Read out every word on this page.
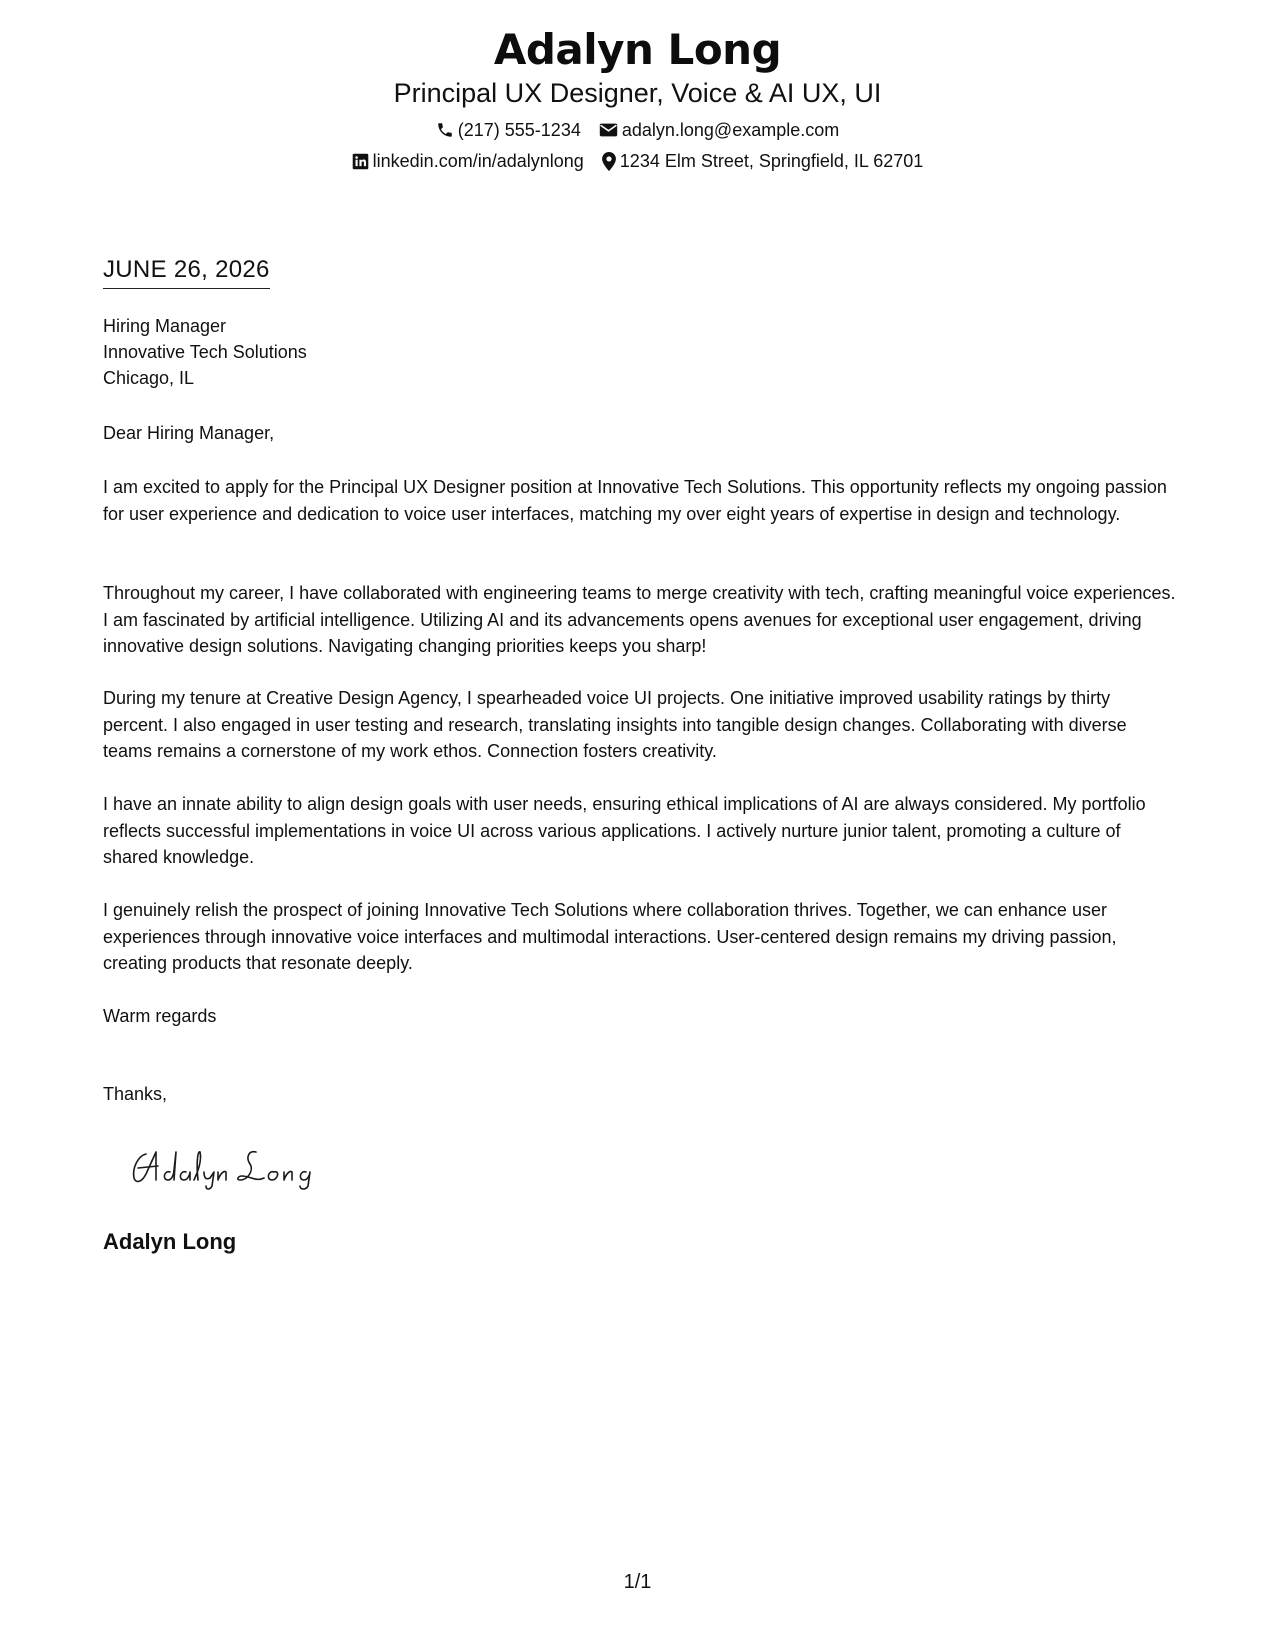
Adalyn Long
Principal UX Designer, Voice & AI UX, UI
(217) 555-1234 adalyn.long@example.com
linkedin.com/in/adalynlong 1234 Elm Street, Springfield, IL 62701
JUNE 26, 2026
Hiring Manager
Innovative Tech Solutions
Chicago, IL
Dear Hiring Manager,
I am excited to apply for the Principal UX Designer position at Innovative Tech Solutions. This opportunity reflects my ongoing passion for user experience and dedication to voice user interfaces, matching my over eight years of expertise in design and technology.
Throughout my career, I have collaborated with engineering teams to merge creativity with tech, crafting meaningful voice experiences. I am fascinated by artificial intelligence. Utilizing AI and its advancements opens avenues for exceptional user engagement, driving innovative design solutions. Navigating changing priorities keeps you sharp!
During my tenure at Creative Design Agency, I spearheaded voice UI projects. One initiative improved usability ratings by thirty percent. I also engaged in user testing and research, translating insights into tangible design changes. Collaborating with diverse teams remains a cornerstone of my work ethos. Connection fosters creativity.
I have an innate ability to align design goals with user needs, ensuring ethical implications of AI are always considered. My portfolio reflects successful implementations in voice UI across various applications. I actively nurture junior talent, promoting a culture of shared knowledge.
I genuinely relish the prospect of joining Innovative Tech Solutions where collaboration thrives. Together, we can enhance user experiences through innovative voice interfaces and multimodal interactions. User-centered design remains my driving passion, creating products that resonate deeply.
Warm regards
Thanks,
Adalyn Long
1/1
